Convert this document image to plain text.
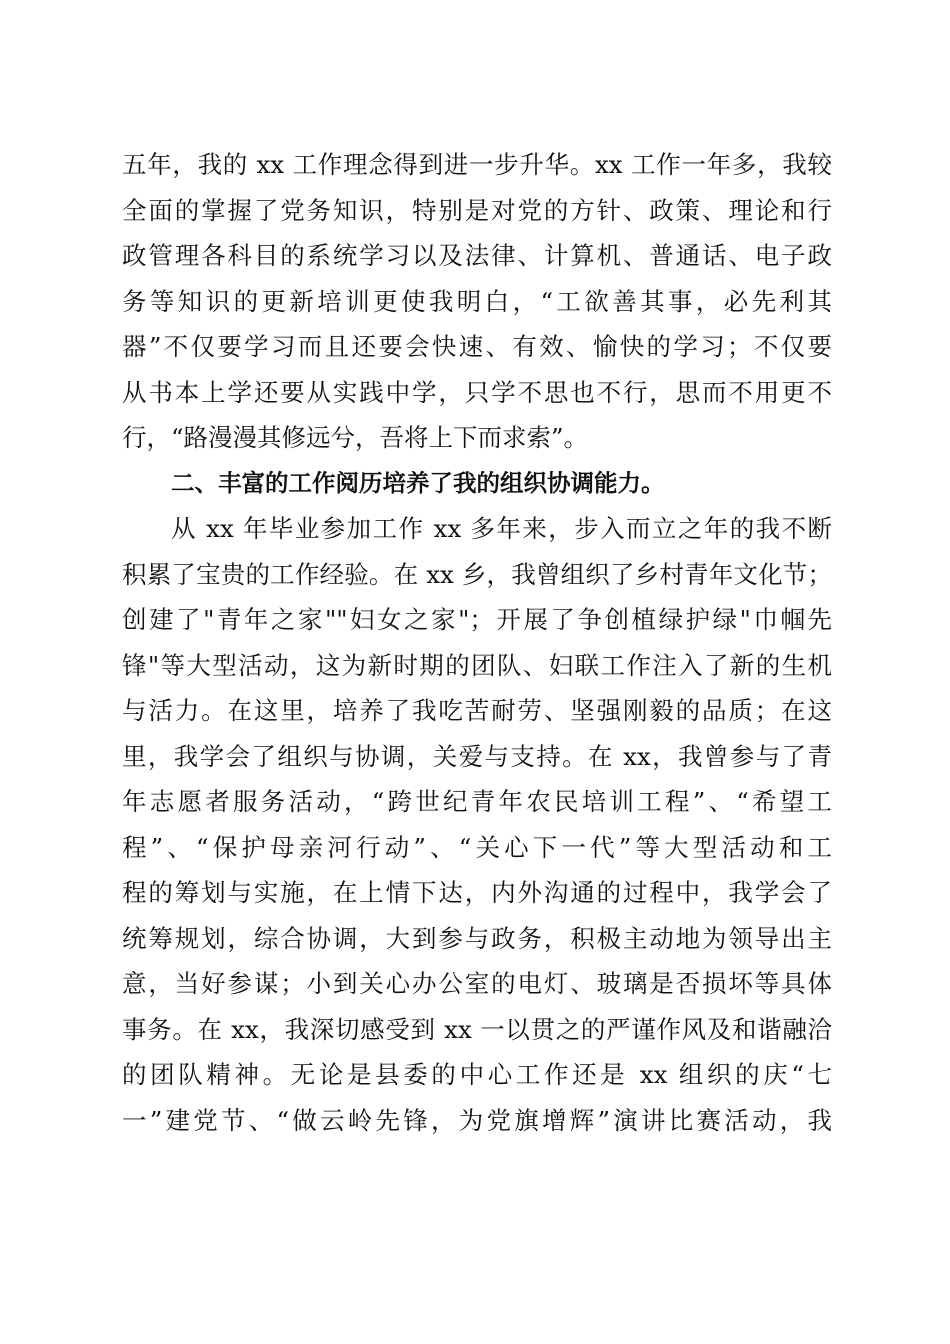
五年，我的 xx 工作理念得到进一步升华。xx 工作一年多，我较
全面的掌握了党务知识，特别是对党的方针、政策、理论和行
政管理各科目的系统学习以及法律、计算机、普通话、电子政
务等知识的更新培训更使我明白，“工欲善其事，必先利其
器”不仅要学习而且还要会快速、有效、愉快的学习；不仅要
从书本上学还要从实践中学，只学不思也不行，思而不用更不
行，“路漫漫其修远兮，吾将上下而求索”。
二、丰富的工作阅历培养了我的组织协调能力。
从 xx 年毕业参加工作 xx 多年来，步入而立之年的我不断
积累了宝贵的工作经验。在 xx 乡，我曾组织了乡村青年文化节；
创建了"青年之家""妇女之家"；开展了争创植绿护绿"巾帼先
锋"等大型活动，这为新时期的团队、妇联工作注入了新的生机
与活力。在这里，培养了我吃苦耐劳、坚强刚毅的品质；在这
里，我学会了组织与协调，关爱与支持。在 xx，我曾参与了青
年志愿者服务活动，“跨世纪青年农民培训工程”、“希望工
程”、“保护母亲河行动”、“关心下一代”等大型活动和工
程的筹划与实施，在上情下达，内外沟通的过程中，我学会了
统筹规划，综合协调，大到参与政务，积极主动地为领导出主
意，当好参谋；小到关心办公室的电灯、玻璃是否损坏等具体
事务。在 xx，我深切感受到 xx 一以贯之的严谨作风及和谐融洽
的团队精神。无论是县委的中心工作还是 xx 组织的庆“七
一”建党节、“做云岭先锋，为党旗增辉”演讲比赛活动，我
